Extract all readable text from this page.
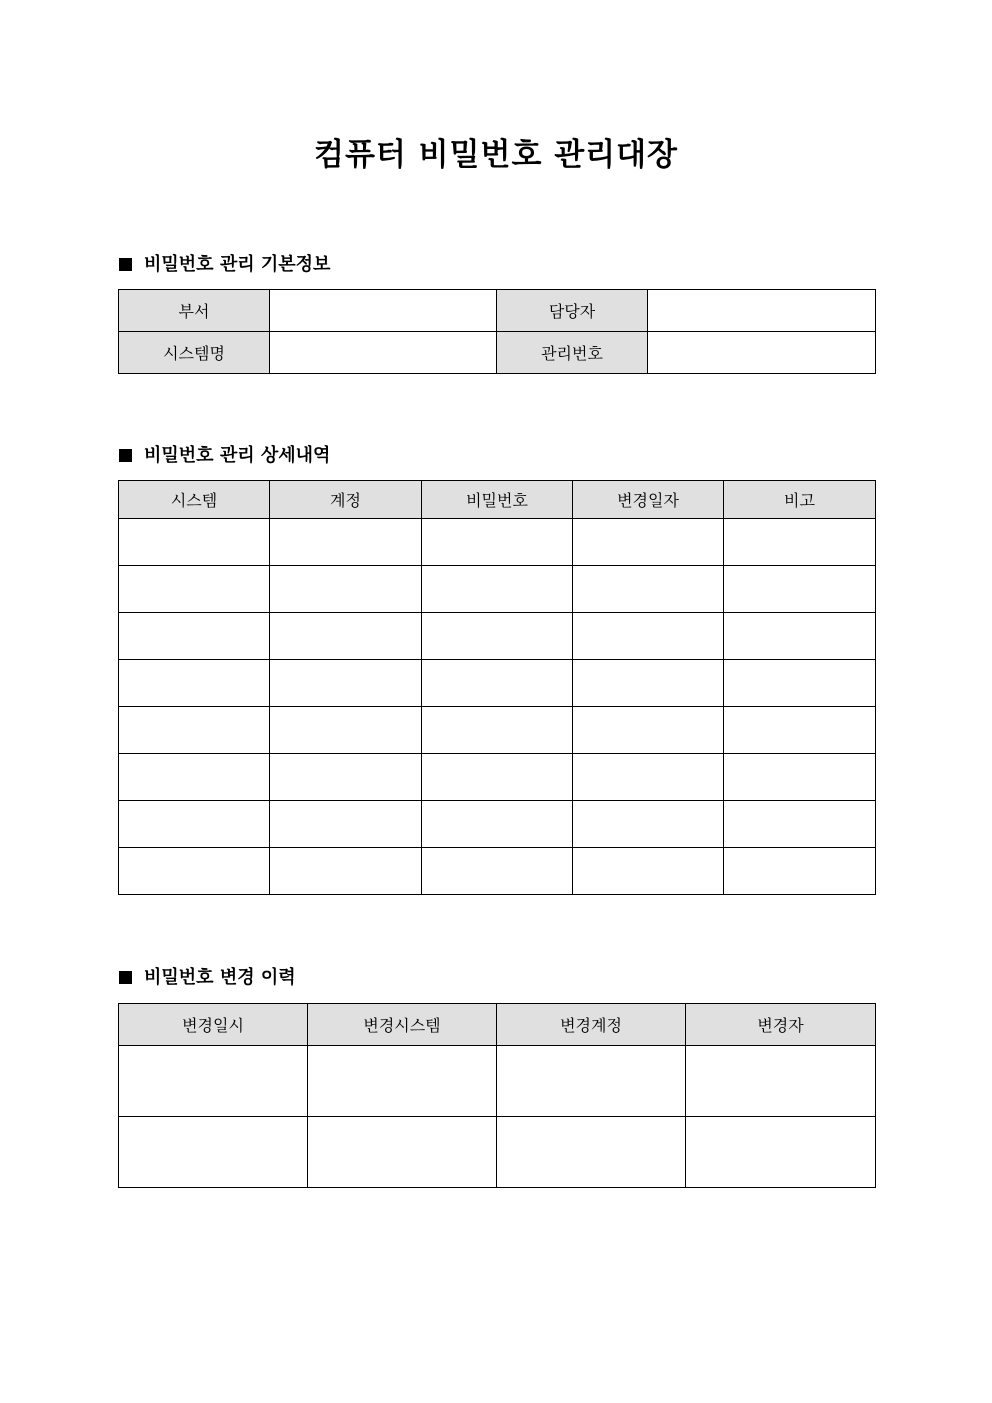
컴퓨터 비밀번호 관리대장
비밀번호 관리 기본정보
부서		담당자	
시스템명		관리번호	
비밀번호 관리 상세내역
시스템	계정	비밀번호	변경일자	비고

비밀번호 변경 이력
변경일시	변경시스템	변경계정	변경자
